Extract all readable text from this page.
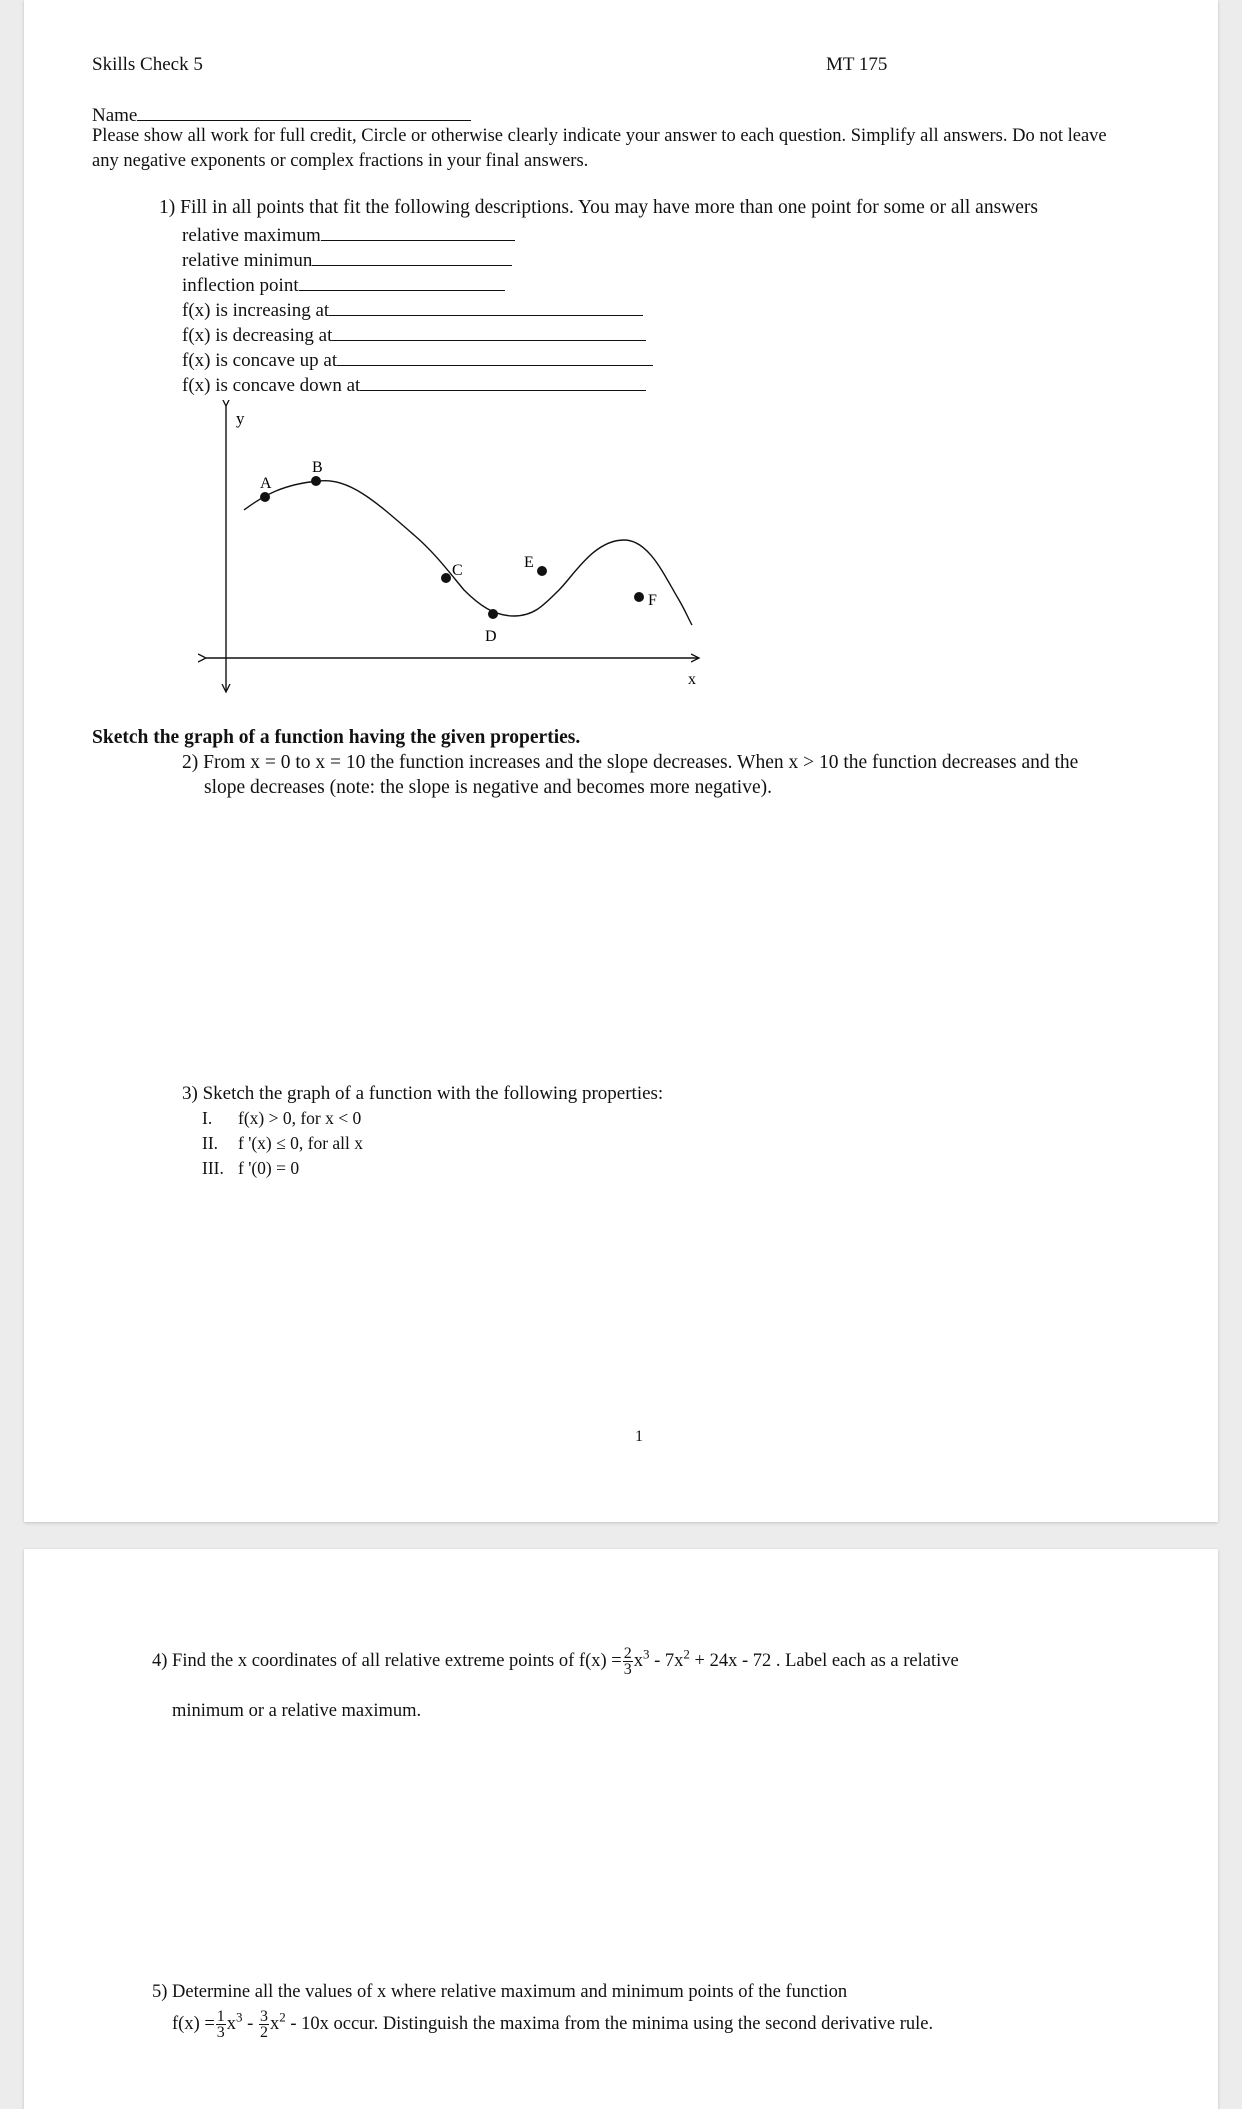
Skills Check 5	MT 175
Name
Please show all work for full credit, Circle or otherwise clearly indicate your answer to each question. Simplify all answers. Do not leave
any negative exponents or complex fractions in your final answers.
1) Fill in all points that fit the following descriptions. You may have more than one point for some or all answers
relative maximum
relative minimun
inflection point
f(x) is increasing at
f(x) is decreasing at
f(x) is concave up at
f(x) is concave down at
y
x
A
B
C
D
E
F
Sketch the graph of a function having the given properties.
2) From x = 0 to x = 10 the function increases and the slope decreases. When x > 10 the function decreases and the
slope decreases (note: the slope is negative and becomes more negative).
3) Sketch the graph of a function with the following properties:
I. f(x) > 0, for x < 0
II. f '(x) ≤ 0, for all x
III. f '(0) = 0
1
4) Find the x coordinates of all relative extreme points of $f(x) = \frac{2}{3} x^3 - 7x^2 + 24x - 72$ . Label each as a relative
minimum or a relative maximum.
5) Determine all the values of x where relative maximum and minimum points of the function
$f(x) = \frac{1}{3} x^3 - \frac{3}{2} x^2 - 10x$ occur. Distinguish the maxima from the minima using the second derivative rule.
